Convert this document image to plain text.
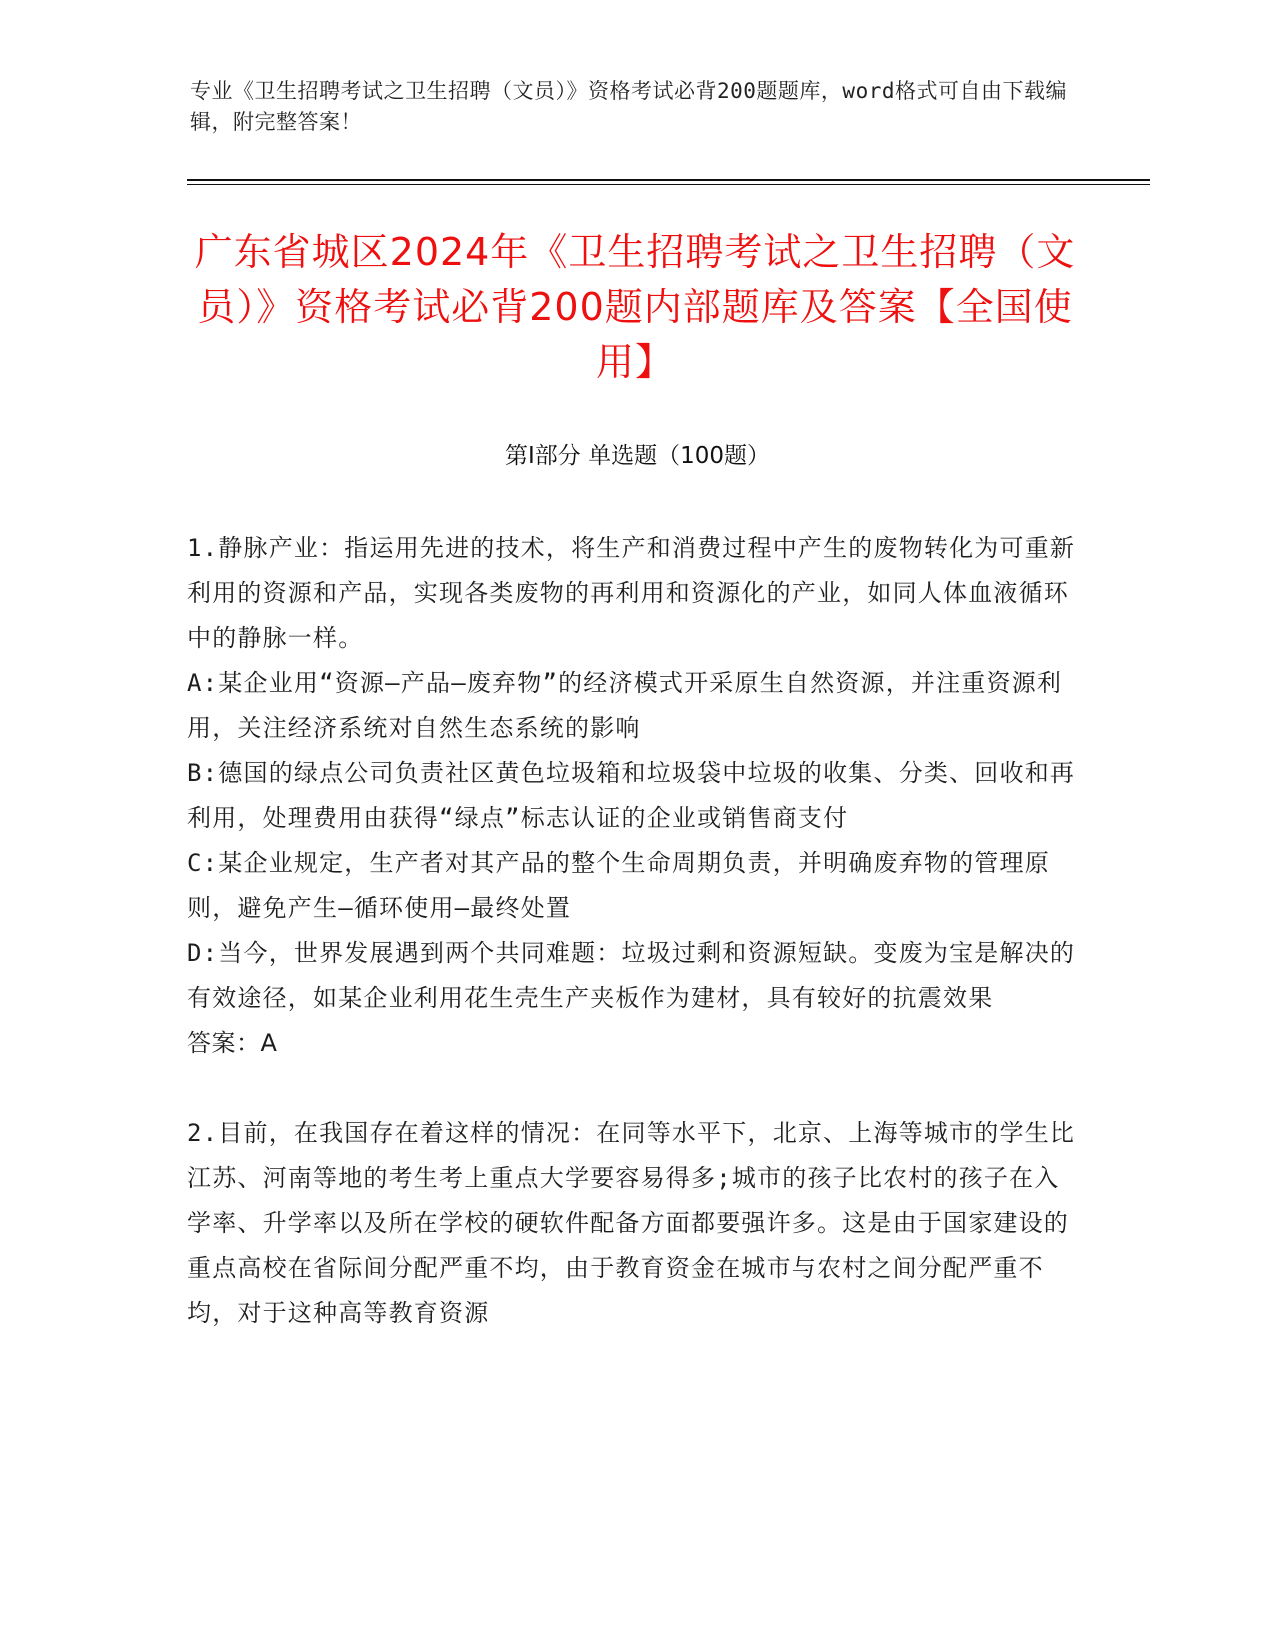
专业《卫生招聘考试之卫生招聘（文员）》资格考试必背200题题库，word格式可自由下载编辑，附完整答案！
广东省城区2024年《卫生招聘考试之卫生招聘（文员）》资格考试必背200题内部题库及答案【全国使用】
第I部分 单选题（100题）

1.静脉产业：指运用先进的技术，将生产和消费过程中产生的废物转化为可重新利用的资源和产品，实现各类废物的再利用和资源化的产业，如同人体血液循环中的静脉一样。

A:某企业用“资源—产品—废弃物”的经济模式开采原生自然资源，并注重资源利用，关注经济系统对自然生态系统的影响

B:德国的绿点公司负责社区黄色垃圾箱和垃圾袋中垃圾的收集、分类、回收和再利用，处理费用由获得“绿点”标志认证的企业或销售商支付

C:某企业规定，生产者对其产品的整个生命周期负责，并明确废弃物的管理原则，避免产生—循环使用—最终处置

D:当今，世界发展遇到两个共同难题：垃圾过剩和资源短缺。变废为宝是解决的有效途径，如某企业利用花生壳生产夹板作为建材，具有较好的抗震效果

答案：A

2.目前，在我国存在着这样的情况：在同等水平下，北京、上海等城市的学生比江苏、河南等地的考生考上重点大学要容易得多;城市的孩子比农村的孩子在入学率、升学率以及所在学校的硬软件配备方面都要强许多。这是由于国家建设的重点高校在省际间分配严重不均，由于教育资金在城市与农村之间分配严重不均，对于这种高等教育资源
